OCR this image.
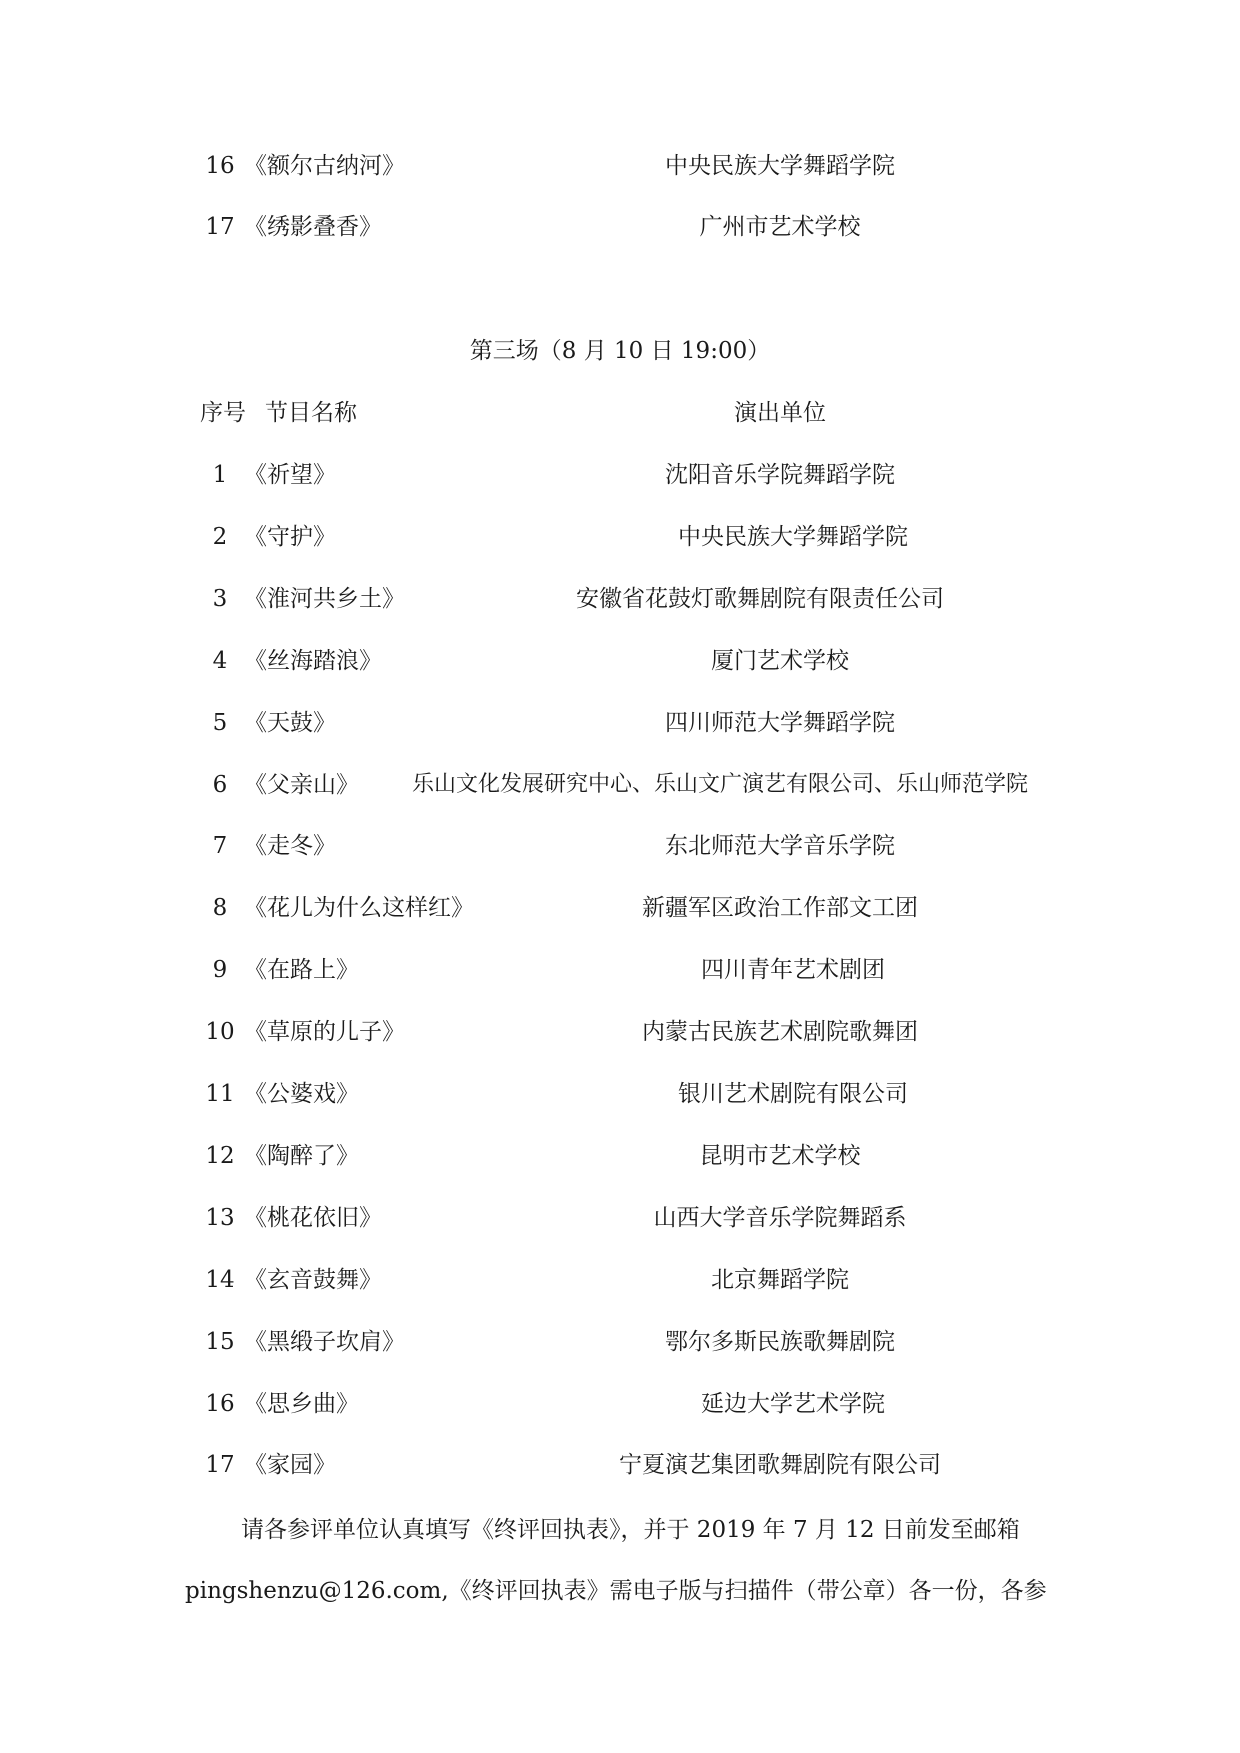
16 《额尔古纳河》	中央民族大学舞蹈学院
17 《绣影叠香》	广州市艺术学校
第三场（8 月 10 日 19:00）
序号 节目名称	演出单位
1 《祈望》	沈阳音乐学院舞蹈学院
2 《守护》	中央民族大学舞蹈学院
3 《淮河共乡土》	安徽省花鼓灯歌舞剧院有限责任公司
4 《丝海踏浪》	厦门艺术学校
5 《天鼓》	四川师范大学舞蹈学院
6 《父亲山》	乐山文化发展研究中心、乐山文广演艺有限公司、乐山师范学院
7 《走冬》	东北师范大学音乐学院
8 《花儿为什么这样红》	新疆军区政治工作部文工团
9 《在路上》	四川青年艺术剧团
10 《草原的儿子》	内蒙古民族艺术剧院歌舞团
11 《公婆戏》	银川艺术剧院有限公司
12 《陶醉了》	昆明市艺术学校
13 《桃花依旧》	山西大学音乐学院舞蹈系
14 《玄音鼓舞》	北京舞蹈学院
15 《黑缎子坎肩》	鄂尔多斯民族歌舞剧院
16 《思乡曲》	延边大学艺术学院
17 《家园》	宁夏演艺集团歌舞剧院有限公司
请各参评单位认真填写《终评回执表》，并于 2019 年 7 月 12 日前发至邮箱
pingshenzu@126.com,《终评回执表》需电子版与扫描件（带公章）各一份，各参
